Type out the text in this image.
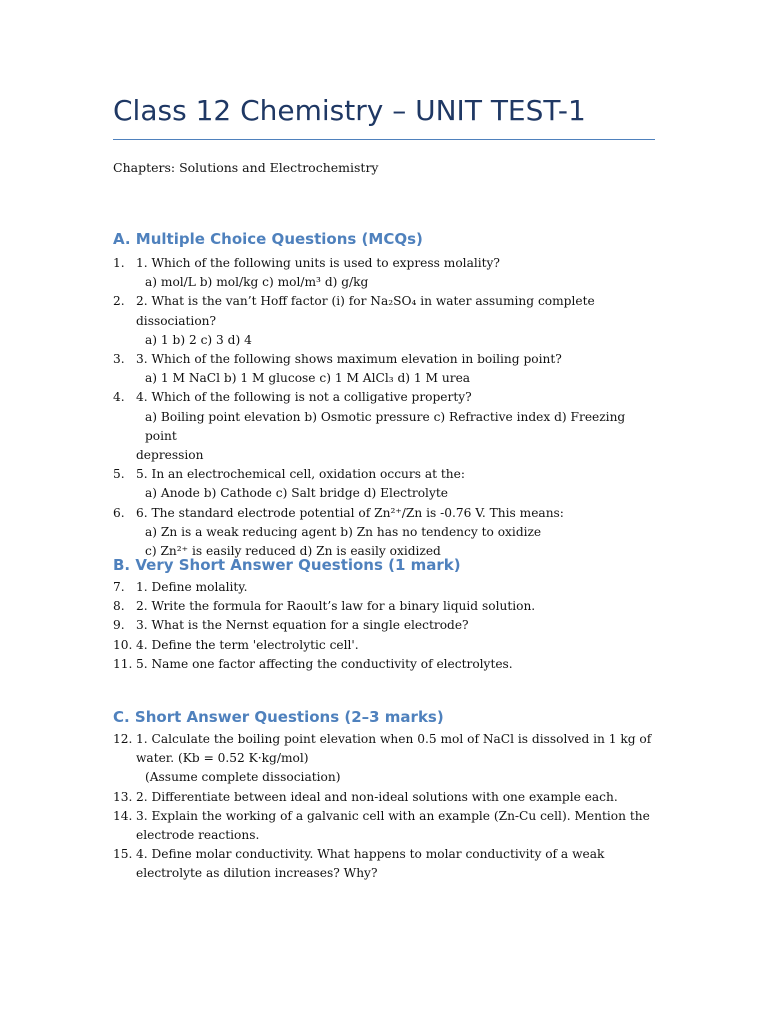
Class 12 Chemistry – UNIT TEST-1
Chapters: Solutions and Electrochemistry
A. Multiple Choice Questions (MCQs)
1. 1. Which of the following units is used to express molality?
a) mol/L b) mol/kg c) mol/m³ d) g/kg
2. 2. What is the van’t Hoff factor (i) for Na₂SO₄ in water assuming complete dissociation?
a) 1 b) 2 c) 3 d) 4
3. 3. Which of the following shows maximum elevation in boiling point?
a) 1 M NaCl b) 1 M glucose c) 1 M AlCl₃ d) 1 M urea
4. 4. Which of the following is not a colligative property?
a) Boiling point elevation b) Osmotic pressure c) Refractive index d) Freezing point
depression
5. 5. In an electrochemical cell, oxidation occurs at the:
a) Anode b) Cathode c) Salt bridge d) Electrolyte
6. 6. The standard electrode potential of Zn²⁺/Zn is -0.76 V. This means:
a) Zn is a weak reducing agent b) Zn has no tendency to oxidize
c) Zn²⁺ is easily reduced d) Zn is easily oxidized
B. Very Short Answer Questions (1 mark)
7. 1. Define molality.
8. 2. Write the formula for Raoult’s law for a binary liquid solution.
9. 3. What is the Nernst equation for a single electrode?
10. 4. Define the term 'electrolytic cell'.
11. 5. Name one factor affecting the conductivity of electrolytes.
C. Short Answer Questions (2–3 marks)
12. 1. Calculate the boiling point elevation when 0.5 mol of NaCl is dissolved in 1 kg of water. (Kb = 0.52 K·kg/mol)
(Assume complete dissociation)
13. 2. Differentiate between ideal and non-ideal solutions with one example each.
14. 3. Explain the working of a galvanic cell with an example (Zn-Cu cell). Mention the electrode reactions.
15. 4. Define molar conductivity. What happens to molar conductivity of a weak electrolyte as dilution increases? Why?
